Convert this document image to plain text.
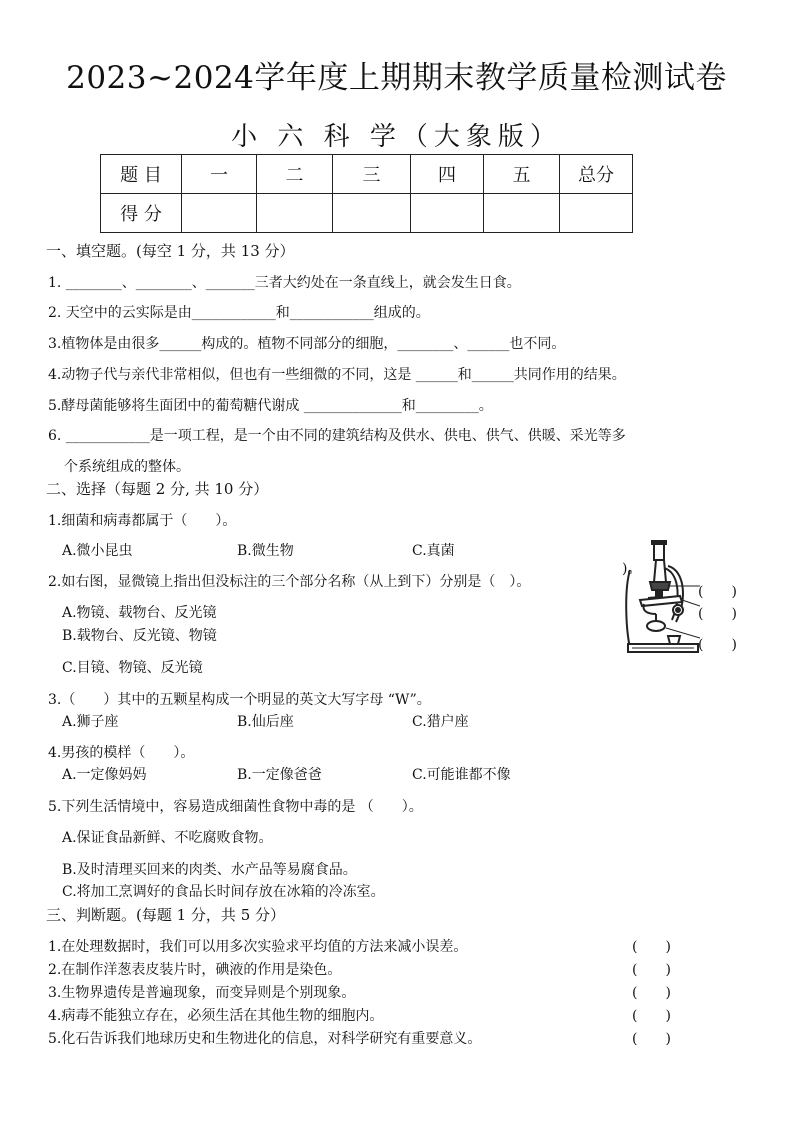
2023~2024学年度上期期末教学质量检测试卷
小 六 科 学（大象版）
题 目	一	二	三	四	五	总分
得 分						
一、填空题。(每空 1 分，共 13 分）
1. ________、________、_______三者大约处在一条直线上，就会发生日食。
2. 天空中的云实际是由____________和____________组成的。
3.植物体是由很多______构成的。植物不同部分的细胞，________、______也不同。
4.动物子代与亲代非常相似，但也有一些细微的不同，这是 ______和______共同作用的结果。
5.酵母菌能够将生面团中的葡萄糖代谢成 ______________和_________。
6. ____________是一项工程，是一个由不同的建筑结构及供水、供电、供气、供暖、采光等多
个系统组成的整体。
二、选择（每题 2 分, 共 10 分）
1.细菌和病毒都属于（　　）。
A.微小昆虫	B.微生物	C.真菌
2.如右图，显微镜上指出但没标注的三个部分名称（从上到下）分别是（　）。
A.物镜、载物台、反光镜
B.载物台、反光镜、物镜
C.目镜、物镜、反光镜
)。
(　　)
(　　)
(　　)
3.（　　）其中的五颗星构成一个明显的英文大写字母 “W”。
A.狮子座	B.仙后座	C.猎户座
4.男孩的模样（　　）。
A.一定像妈妈	B.一定像爸爸	C.可能谁都不像
5.下列生活情境中，容易造成细菌性食物中毒的是 （　　）。
A.保证食品新鲜、不吃腐败食物。
B.及时清理买回来的肉类、水产品等易腐食品。
C.将加工烹调好的食品长时间存放在冰箱的冷冻室。
三、判断题。(每题 1 分，共 5 分）
1.在处理数据时，我们可以用多次实验求平均值的方法来减小误差。	(　　)
2.在制作洋葱表皮装片时，碘液的作用是染色。	(　　)
3.生物界遗传是普遍现象，而变异则是个别现象。	(　　)
4.病毒不能独立存在，必须生活在其他生物的细胞内。	(　　)
5.化石告诉我们地球历史和生物进化的信息，对科学研究有重要意义。	(　　)
